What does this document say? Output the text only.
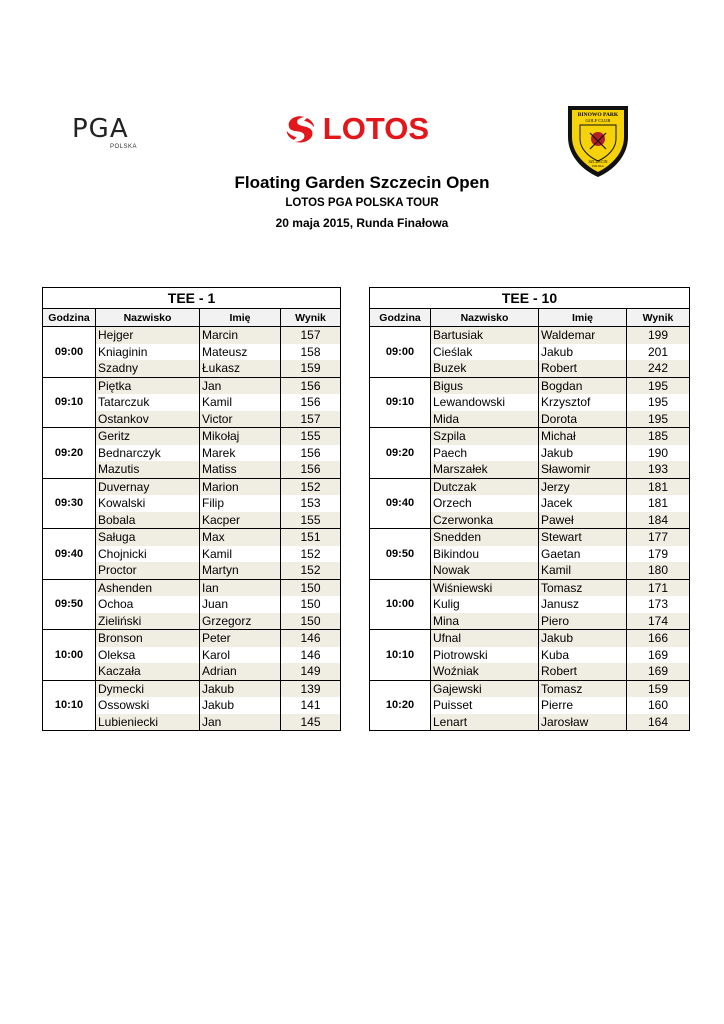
PGA
POLSKA
LOTOS	BINOWO PARK
GOLF CLUB
SZCZECIN
POLSKA
Floating Garden Szczecin Open
LOTOS PGA POLSKA TOUR
20 maja 2015, Runda Finałowa
TEE - 1			
Godzina	Nazwisko	Imię	Wynik
09:00	Hejger	Marcin	157
	Kniaginin	Mateusz	158
	Szadny	Łukasz	159
09:10	Piętka	Jan	156
	Tatarczuk	Kamil	156
	Ostankov	Victor	157
09:20	Geritz	Mikołaj	155
	Bednarczyk	Marek	156
	Mazutis	Matiss	156
09:30	Duvernay	Marion	152
	Kowalski	Filip	153
	Bobala	Kacper	155
09:40	Saługa	Max	151
	Chojnicki	Kamil	152
	Proctor	Martyn	152
09:50	Ashenden	Ian	150
	Ochoa	Juan	150
	Zieliński	Grzegorz	150
10:00	Bronson	Peter	146
	Oleksa	Karol	146
	Kaczała	Adrian	149
10:10	Dymecki	Jakub	139
	Ossowski	Jakub	141
	Lubieniecki	Jan	145
TEE - 10			
Godzina	Nazwisko	Imię	Wynik
09:00	Bartusiak	Waldemar	199
	Cieślak	Jakub	201
	Buzek	Robert	242
09:10	Bigus	Bogdan	195
	Lewandowski	Krzysztof	195
	Mida	Dorota	195
09:20	Szpila	Michał	185
	Paech	Jakub	190
	Marszałek	Sławomir	193
09:40	Dutczak	Jerzy	181
	Orzech	Jacek	181
	Czerwonka	Paweł	184
09:50	Snedden	Stewart	177
	Bikindou	Gaetan	179
	Nowak	Kamil	180
10:00	Wiśniewski	Tomasz	171
	Kulig	Janusz	173
	Mina	Piero	174
10:10	Ufnal	Jakub	166
	Piotrowski	Kuba	169
	Woźniak	Robert	169
10:20	Gajewski	Tomasz	159
	Puisset	Pierre	160
	Lenart	Jarosław	164
